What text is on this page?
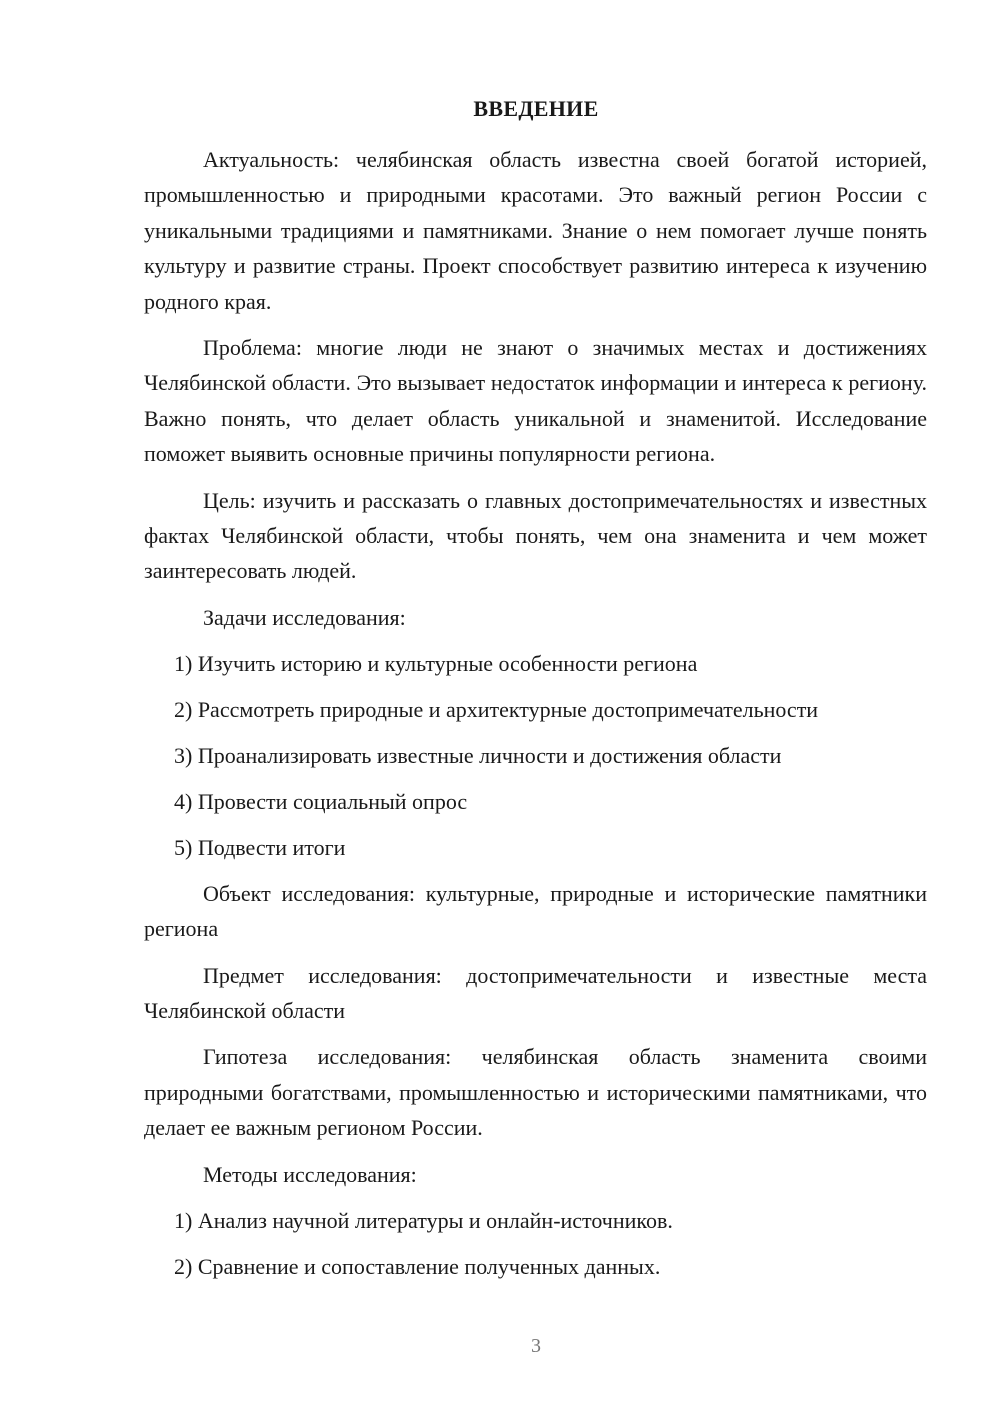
ВВЕДЕНИЕ

Актуальность: челябинская область известна своей богатой историей, промышленностью и природными красотами. Это важный регион России с уникальными традициями и памятниками. Знание о нем помогает лучше понять культуру и развитие страны. Проект способствует развитию интереса к изучению родного края.

Проблема: многие люди не знают о значимых местах и достижениях Челябинской области. Это вызывает недостаток информации и интереса к региону. Важно понять, что делает область уникальной и знаменитой. Исследование поможет выявить основные причины популярности региона.

Цель: изучить и рассказать о главных достопримечательностях и известных фактах Челябинской области, чтобы понять, чем она знаменита и чем может заинтересовать людей.

Задачи исследования:

1) Изучить историю и культурные особенности региона

2) Рассмотреть природные и архитектурные достопримечательности

3) Проанализировать известные личности и достижения области

4) Провести социальный опрос

5) Подвести итоги

Объект исследования: культурные, природные и исторические памятники региона

Предмет исследования: достопримечательности и известные места Челябинской области

Гипотеза исследования: челябинская область знаменита своими природными богатствами, промышленностью и историческими памятниками, что делает ее важным регионом России.

Методы исследования:

1) Анализ научной литературы и онлайн-источников.

2) Сравнение и сопоставление полученных данных.

3
